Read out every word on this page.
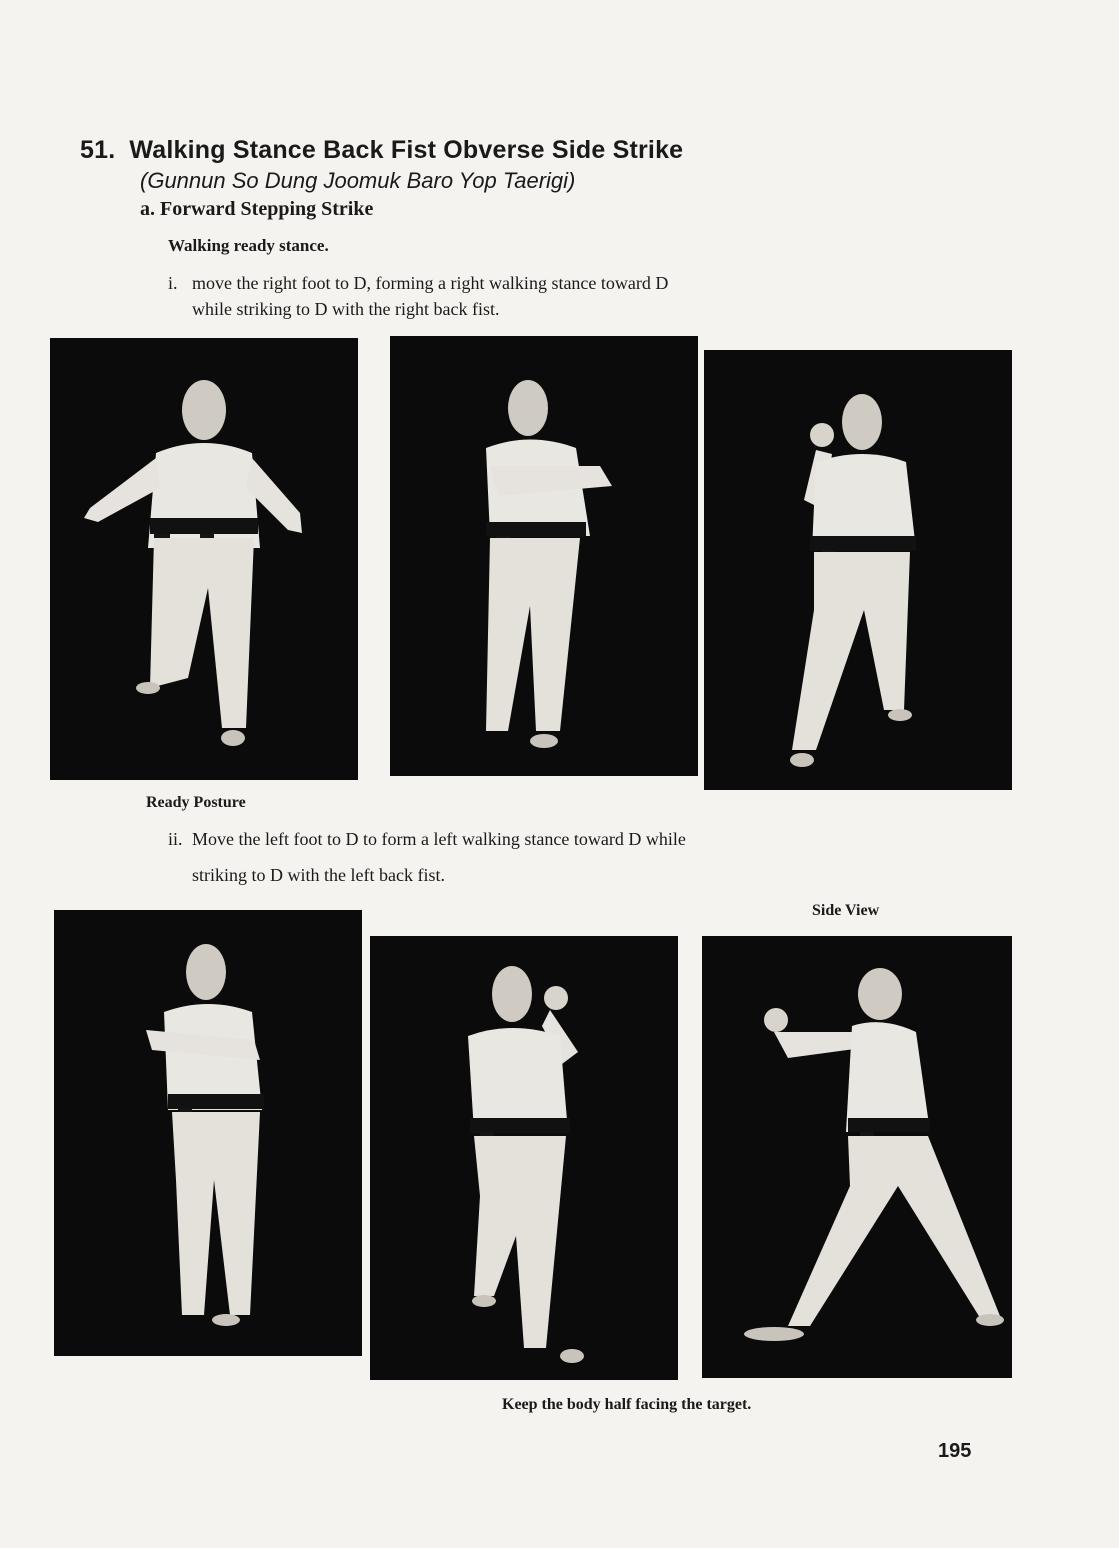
51. Walking Stance Back Fist Obverse Side Strike
(Gunnun So Dung Joomuk Baro Yop Taerigi)
a. Forward Stepping Strike
Walking ready stance.
i. move the right foot to D, forming a right walking stance toward D
while striking to D with the right back fist.
Ready Posture
ii. Move the left foot to D to form a left walking stance toward D while
striking to D with the left back fist.
Side View
Keep the body half facing the target.
195
